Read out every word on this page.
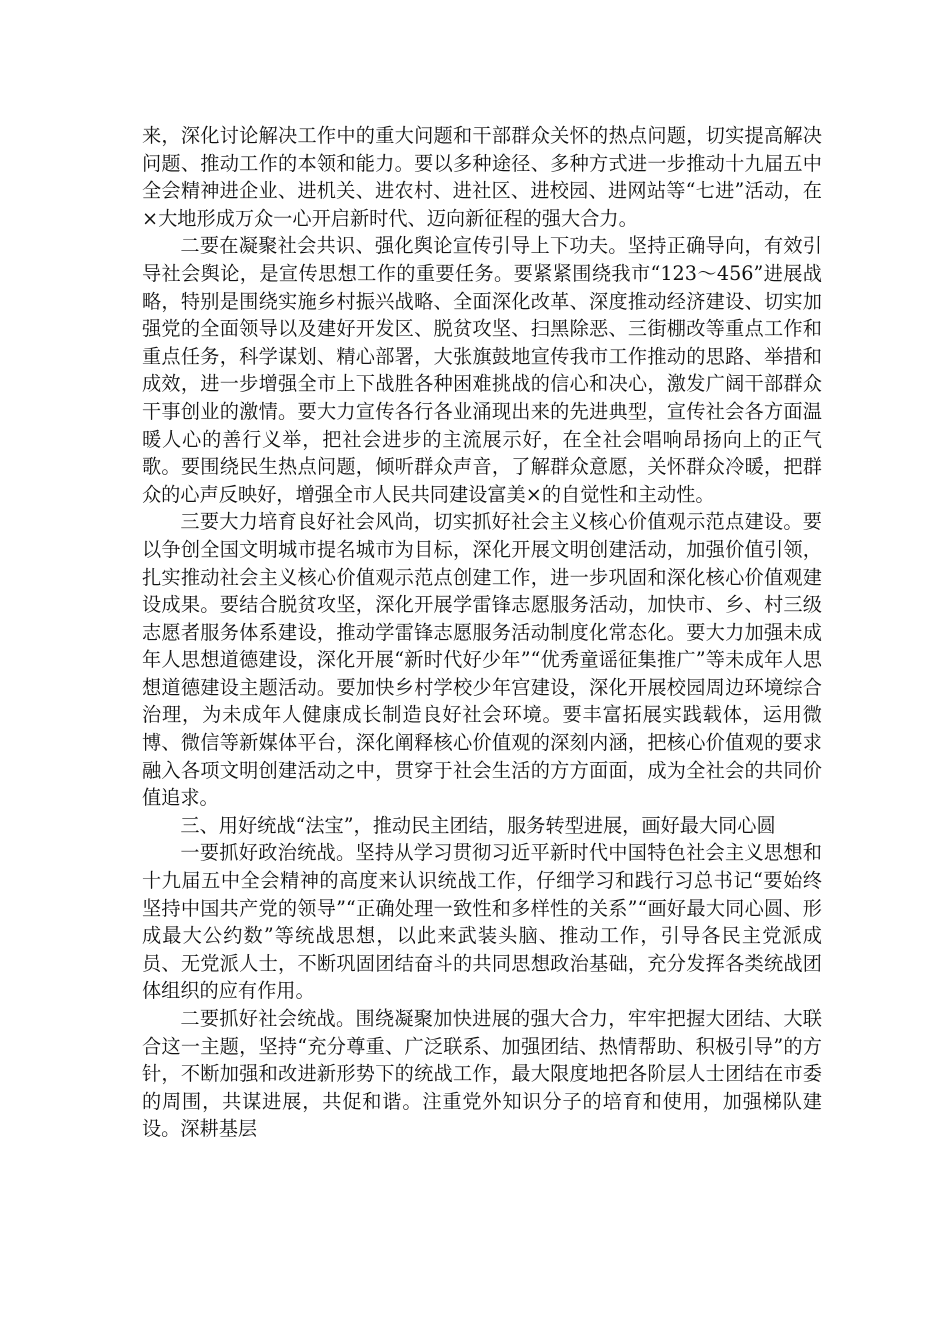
来，深化讨论解决工作中的重大问题和干部群众关怀的热点问题，切实提高解决问题、推动工作的本领和能力。要以多种途径、多种方式进一步推动十九届五中全会精神进企业、进机关、进农村、进社区、进校园、进网站等“七进”活动，在×大地形成万众一心开启新时代、迈向新征程的强大合力。

二要在凝聚社会共识、强化舆论宣传引导上下功夫。坚持正确导向，有效引导社会舆论，是宣传思想工作的重要任务。要紧紧围绕我市“123～456”进展战略，特别是围绕实施乡村振兴战略、全面深化改革、深度推动经济建设、切实加强党的全面领导以及建好开发区、脱贫攻坚、扫黑除恶、三街棚改等重点工作和重点任务，科学谋划、精心部署，大张旗鼓地宣传我市工作推动的思路、举措和成效，进一步增强全市上下战胜各种困难挑战的信心和决心，激发广阔干部群众干事创业的激情。要大力宣传各行各业涌现出来的先进典型，宣传社会各方面温暖人心的善行义举，把社会进步的主流展示好，在全社会唱响昂扬向上的正气歌。要围绕民生热点问题，倾听群众声音，了解群众意愿，关怀群众冷暖，把群众的心声反映好，增强全市人民共同建设富美×的自觉性和主动性。

三要大力培育良好社会风尚，切实抓好社会主义核心价值观示范点建设。要以争创全国文明城市提名城市为目标，深化开展文明创建活动，加强价值引领，扎实推动社会主义核心价值观示范点创建工作，进一步巩固和深化核心价值观建设成果。要结合脱贫攻坚，深化开展学雷锋志愿服务活动，加快市、乡、村三级志愿者服务体系建设，推动学雷锋志愿服务活动制度化常态化。要大力加强未成年人思想道德建设，深化开展“新时代好少年”“优秀童谣征集推广”等未成年人思想道德建设主题活动。要加快乡村学校少年宫建设，深化开展校园周边环境综合治理，为未成年人健康成长制造良好社会环境。要丰富拓展实践载体，运用微博、微信等新媒体平台，深化阐释核心价值观的深刻内涵，把核心价值观的要求融入各项文明创建活动之中，贯穿于社会生活的方方面面，成为全社会的共同价值追求。

三、用好统战“法宝”，推动民主团结，服务转型进展，画好最大同心圆

一要抓好政治统战。坚持从学习贯彻习近平新时代中国特色社会主义思想和十九届五中全会精神的高度来认识统战工作，仔细学习和践行习总书记“要始终坚持中国共产党的领导”“正确处理一致性和多样性的关系”“画好最大同心圆、形成最大公约数”等统战思想，以此来武装头脑、推动工作，引导各民主党派成员、无党派人士，不断巩固团结奋斗的共同思想政治基础，充分发挥各类统战团体组织的应有作用。

二要抓好社会统战。围绕凝聚加快进展的强大合力，牢牢把握大团结、大联合这一主题，坚持“充分尊重、广泛联系、加强团结、热情帮助、积极引导”的方针，不断加强和改进新形势下的统战工作，最大限度地把各阶层人士团结在市委的周围，共谋进展，共促和谐。注重党外知识分子的培育和使用，加强梯队建设。深耕基层
